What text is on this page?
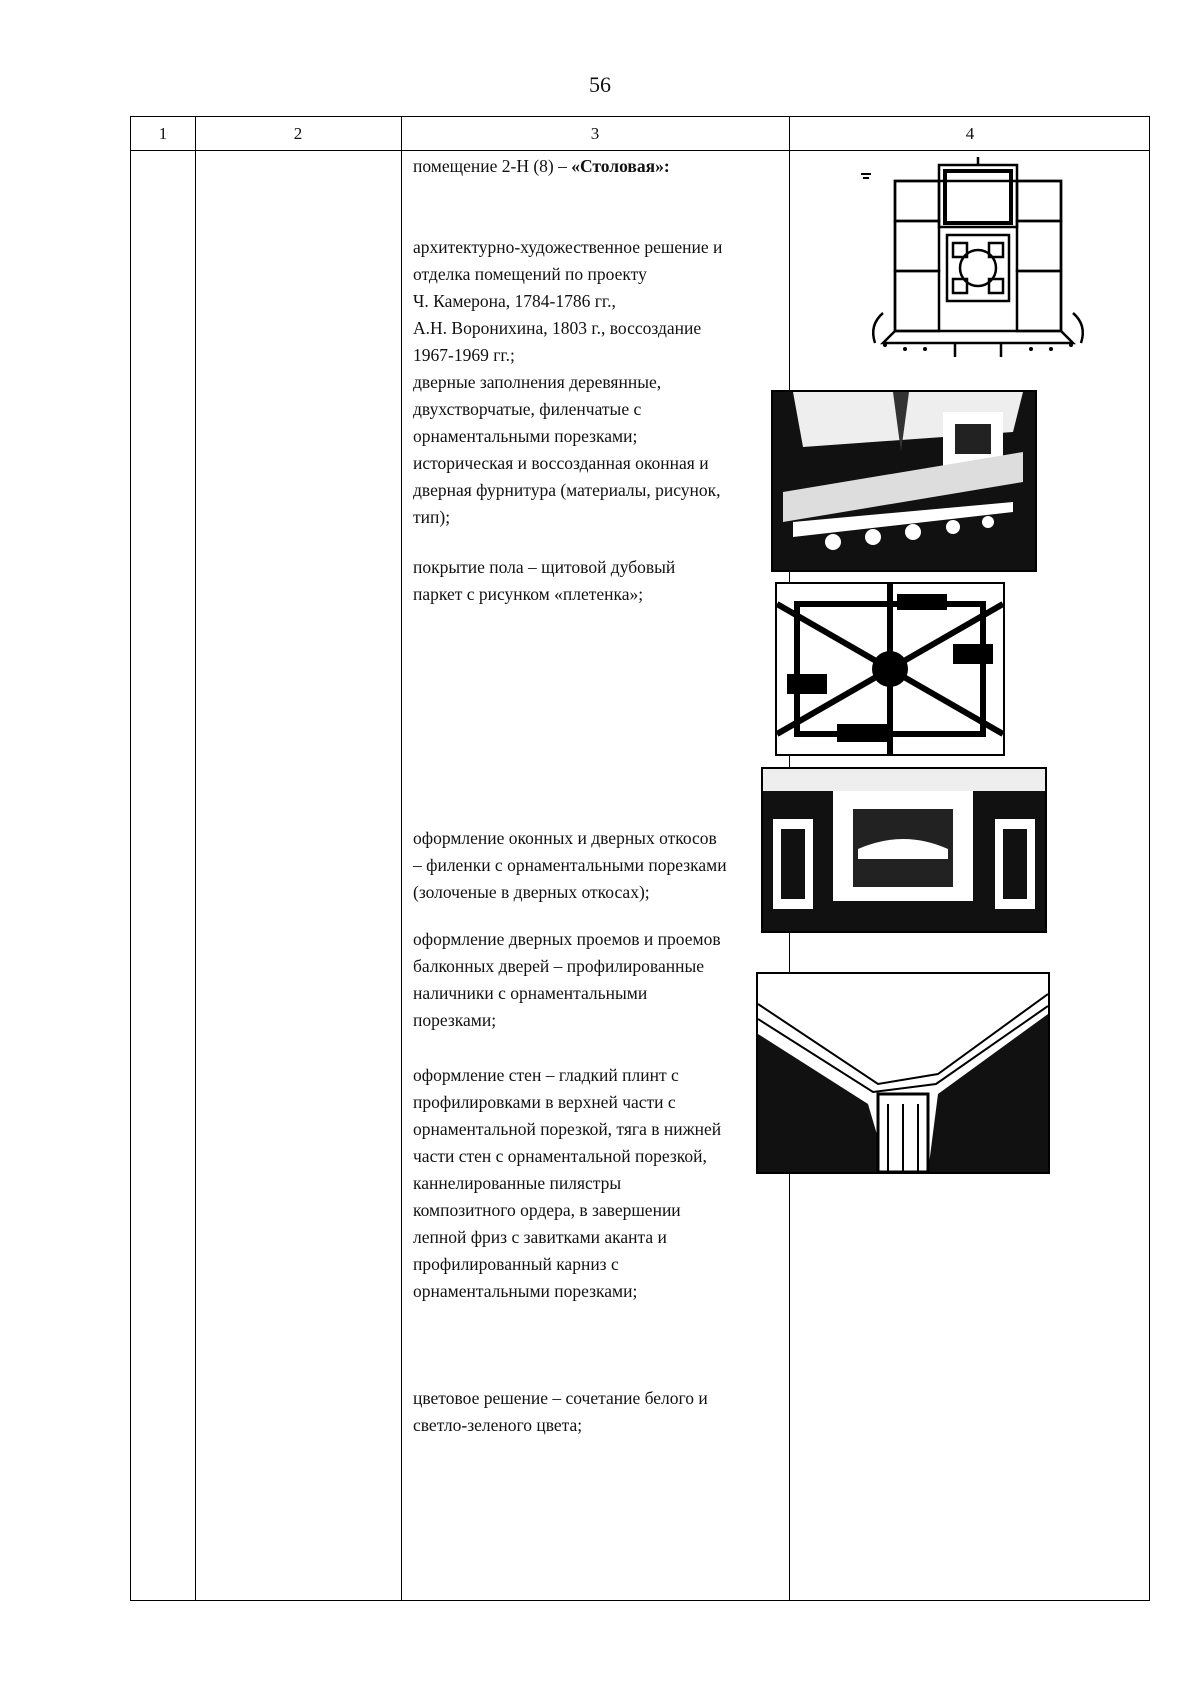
56
1	2	3	4
помещение 2-Н (8) – «Столовая»:
архитектурно-художественное решение и
отделка помещений по проекту
Ч. Камерона, 1784-1786 гг.,
А.Н. Воронихина, 1803 г., воссоздание
1967-1969 гг.;
дверные заполнения деревянные,
двухстворчатые, филенчатые с
орнаментальными порезками;
историческая и воссозданная оконная и
дверная фурнитура (материалы, рисунок,
тип);
покрытие пола – щитовой дубовый
паркет с рисунком «плетенка»;
оформление оконных и дверных откосов
– филенки с орнаментальными порезками
(золоченые в дверных откосах);
оформление дверных проемов и проемов
балконных дверей – профилированные
наличники с орнаментальными
порезками;
оформление стен – гладкий плинт с
профилировками в верхней части с
орнаментальной порезкой, тяга в нижней
части стен с орнаментальной порезкой,
каннелированные пилястры
композитного ордера, в завершении
лепной фриз с завитками аканта и
профилированный карниз с
орнаментальными порезками;
цветовое решение – сочетание белого и
светло-зеленого цвета;
